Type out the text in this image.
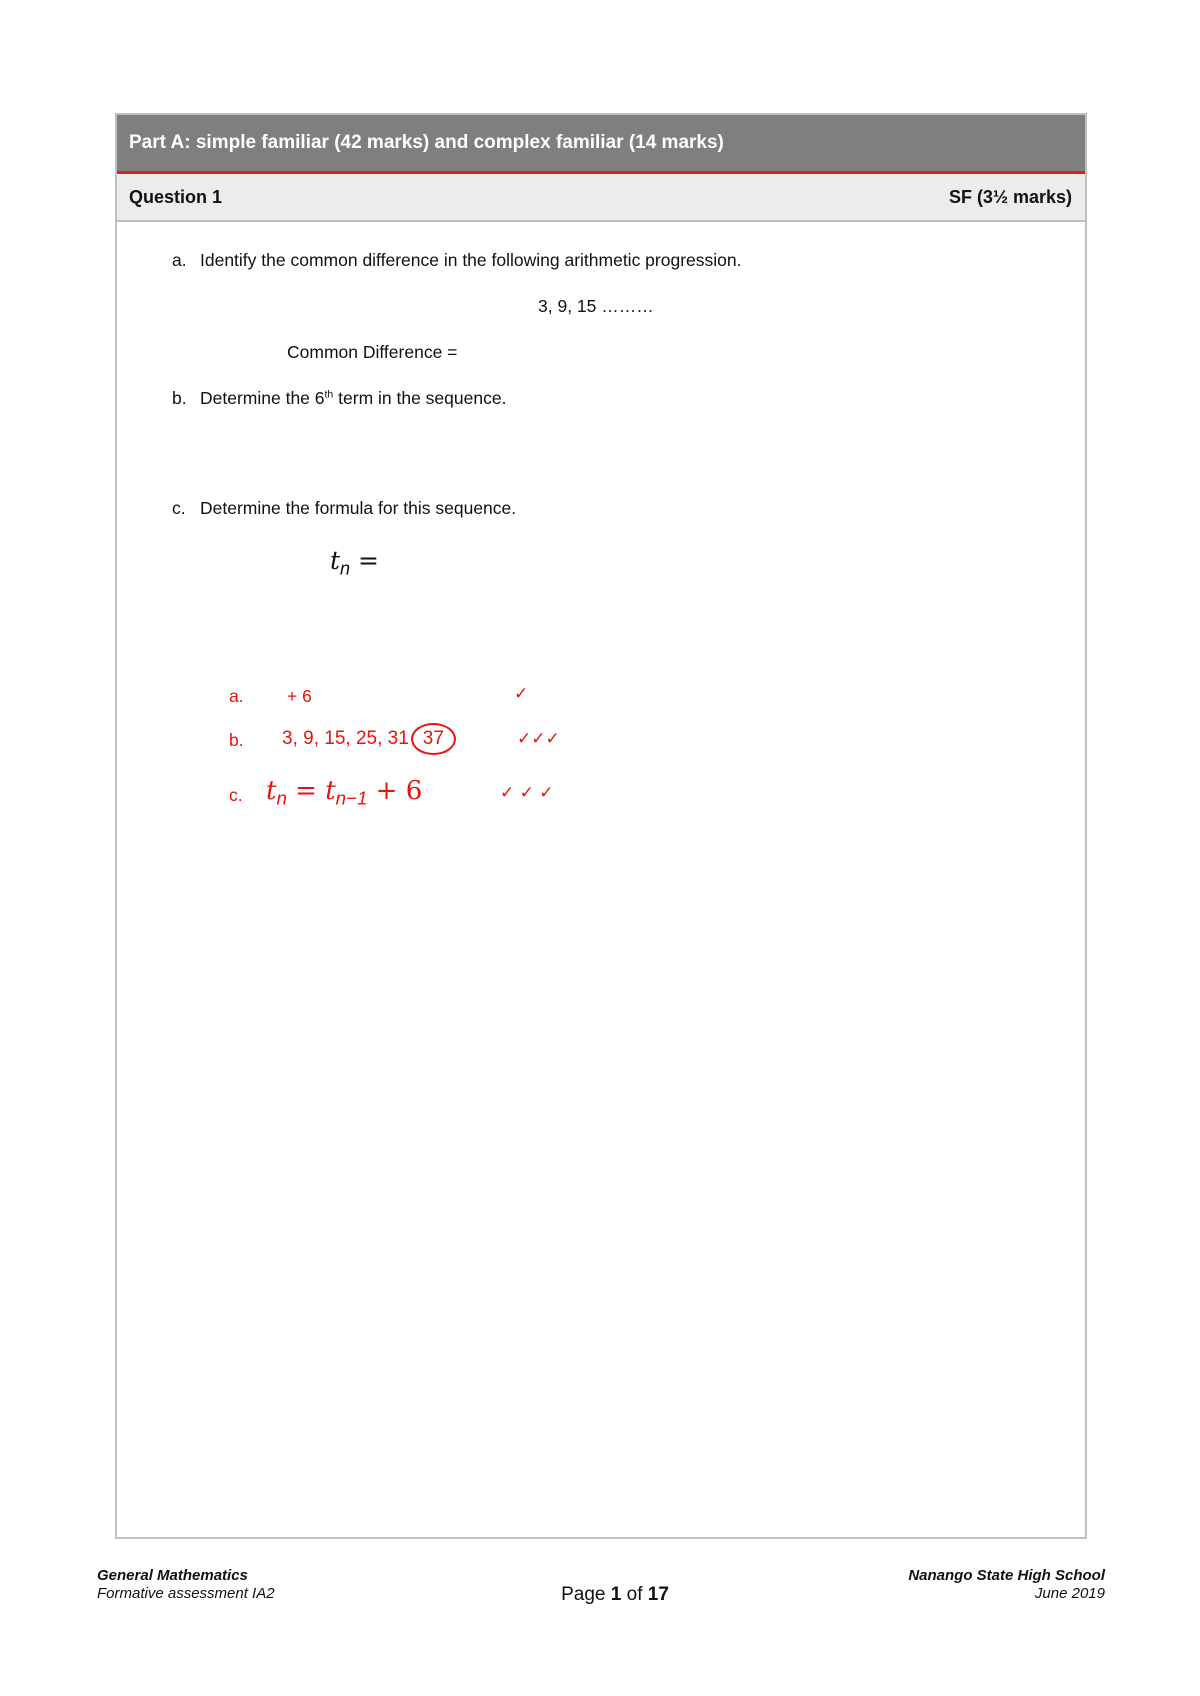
Part A: simple familiar (42 marks) and complex familiar (14 marks)
Question 1	SF (3½ marks)
a. Identify the common difference in the following arithmetic progression.
3, 9, 15 ………
Common Difference =
b. Determine the 6th term in the sequence.
c. Determine the formula for this sequence.
$t_n$ =
a. + 6	✓
b. 3, 9, 15, 25, 31 37	✓✓✓
c. $t_n = t_{n-1} + 6$	✓ ✓ ✓
General Mathematics
Formative assessment IA2	Page 1 of 17
Nanango State High School
June 2019
